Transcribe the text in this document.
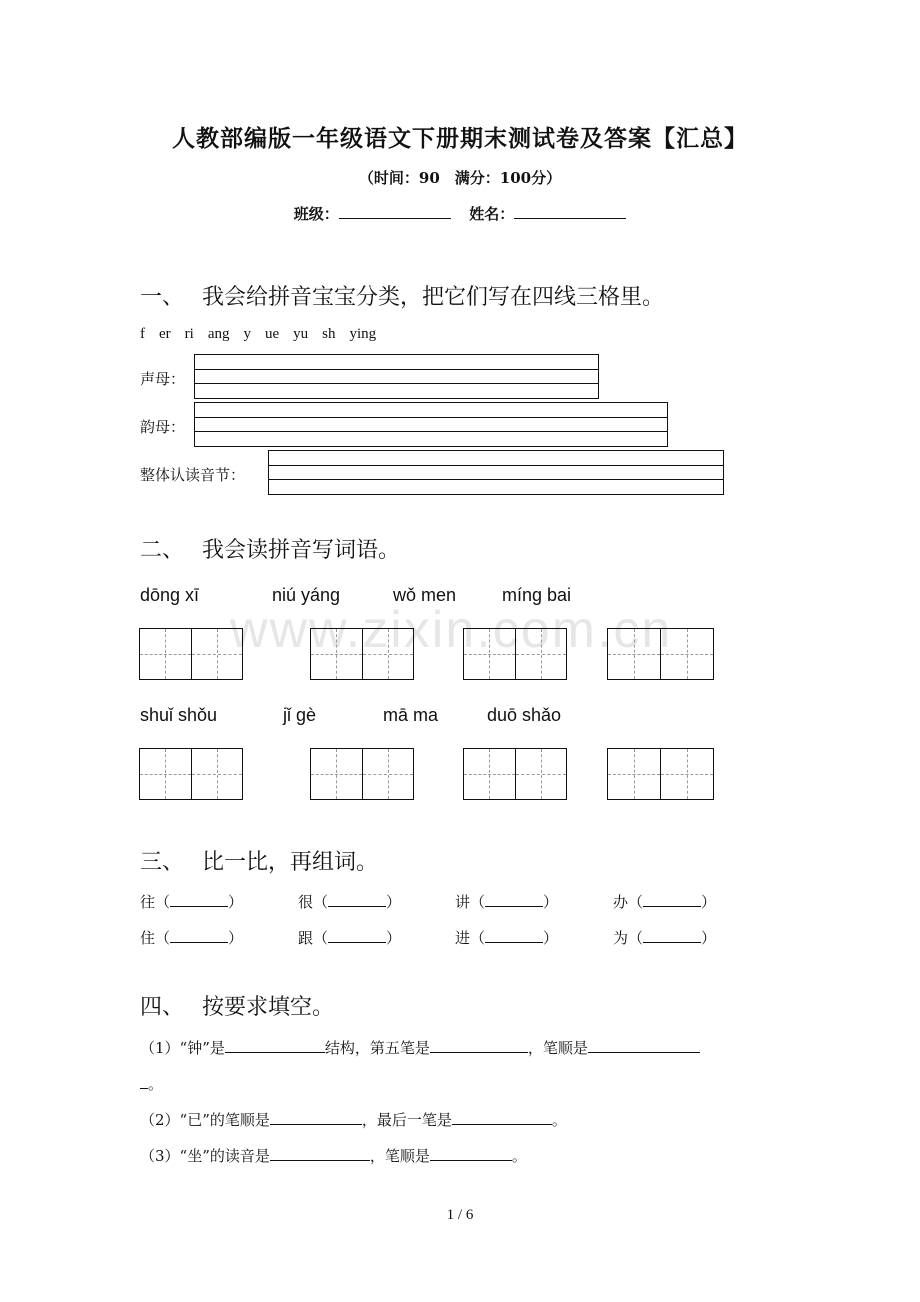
www.zixin.com.cn
人教部编版一年级语文下册期末测试卷及答案【汇总】
（时间：90　满分：100分）
班级：	姓名：
一、 我会给拼音宝宝分类，把它们写在四线三格里。
f er ri ang y ue yu sh ying
声母：
韵母：
整体认读音节：
二、 我会读拼音写词语。
dōng xī	niú yáng	wǒ men	míng bai
shuǐ shǒu	jǐ gè	mā ma	duō shǎo
三、 比一比，再组词。
往（	）	很（	）	讲（	）	办（	）
住（	）	跟（	）	进（	）	为（	）
四、 按要求填空。
（1）“钟”是	结构，第五笔是	，笔顺是
。
（2）“已”的笔顺是	，最后一笔是	。
（3）“坐”的读音是	，笔顺是	。
1 / 6
